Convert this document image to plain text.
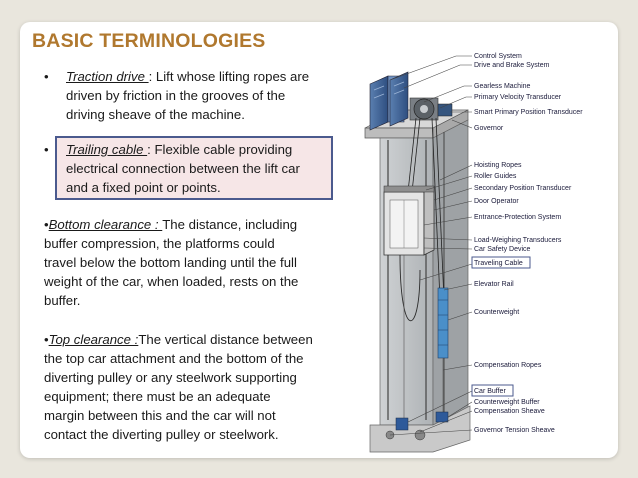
BASIC TERMINOLOGIES
• Traction drive : Lift whose lifting ropes are
driven by friction in the grooves of the
driving sheave of the machine.
• Trailing cable : Flexible cable providing
electrical connection between the lift car
and a fixed point or points.
•Bottom clearance : The distance, including
buffer compression, the platforms could
travel below the bottom landing until the full
weight of the car, when loaded, rests on the
buffer.
•Top clearance :The vertical distance between
the top car attachment and the bottom of the
diverting pulley or any steelwork supporting
equipment; there must be an adequate
margin between this and the car will not
contact the diverting pulley or steelwork.
Control System
Drive and Brake System
Gearless Machine
Primary Velocity Transducer
Smart Primary Position Transducer
Governor
Hoisting Ropes
Roller Guides
Secondary Position Transducer
Door Operator
Entrance-Protection System
Load-Weighing Transducers
Car Safety Device
Traveling Cable
Elevator Rail
Counterweight
Compensation Ropes
Car Buffer
Counterweight Buffer
Compensation Sheave
Governor Tension Sheave
